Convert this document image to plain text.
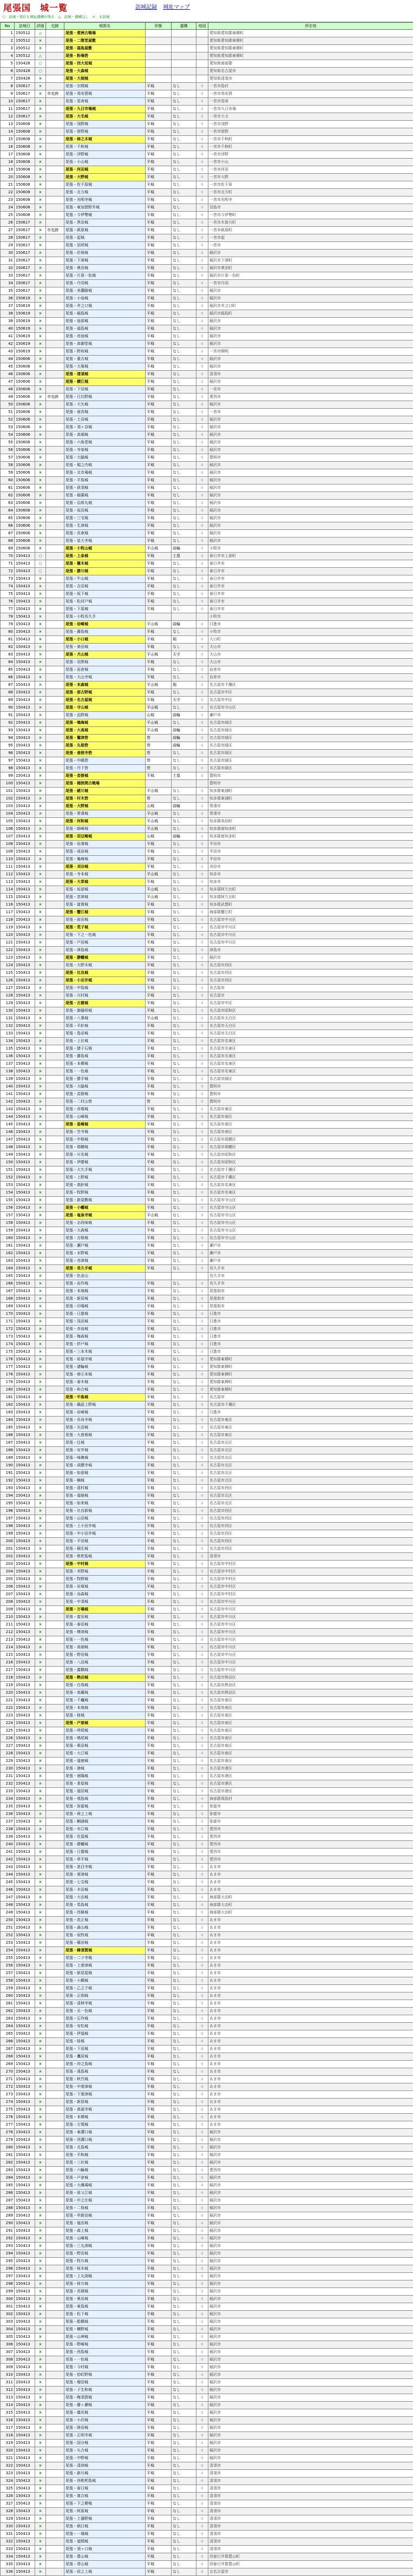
尾張国　城一覧	訪城記録 城址マップ
○：訪城・現在も城址遺構が残る　△：訪城・遺構なし　×：未訪城
No	訪城日	評価	史跡	城郭名	形態	遺構	地図	所在地
1	150512	△		尾張・愛洲古戦場				愛知県愛知郡東郷町
2	150512	×		尾張・二階堂屋敷				愛知県愛知郡東郷町
3	150512	×		尾張・福島屋敷				愛知県愛知郡東郷町
4	150512	△		尾張・粉場砦				愛知県愛知郡東郷町
5	150428	○		尾張・西大垣城				愛知県海部郡
6	150428	○		尾張・大森城				愛知県名古屋市
7	150428	×		尾張・大畑城				愛知県清須市
8	150617	×		尾張・宗間城	平城	なし	☆	一宮市島村
9	150617	×	市史跡	尾張・苅安賀城	平城	なし	☆	一宮市苅安賀
10	150617	×		尾張・馬寄城	平城	なし	☆	一宮市馬寄
11	150617	×		尾張・九日市場城	平城	なし	☆	一宮市九日市場
12	150617	×		尾張・大毛城	平城	なし	☆	一宮市大毛
13	150608	×		尾張・浅野城	平城	なし	☆	一宮市浅野
14	150608	×		尾張・笹野城	平城	なし	☆	一宮市笹野
15	150608	×		尾張・柿之木城	平城	なし	☆	一宮市千秋町
16	150608	×		尾張・千秋城	平城	なし	☆	一宮市千秋町
17	150608	×		尾張・浮野城	平城	なし	☆	一宮市浮野
18	150608	×		尾張・小山城	平城	なし	☆	一宮市小山
19	150608	×		尾張・河田城	平城	なし	☆	一宮市河田
20	150608	×		尾張・大野城	平城	なし	☆	一宮市大野
21	150608	×		尾張・佐千原城	平城	なし	☆	一宮市佐千原
22	150608	×		尾張・北方城	平城	なし	☆	一宮市北方町
23	150608	×		尾張・光明寺城	平城	なし	☆	一宮市光明寺
24	150608	×		尾張・東加賀野井城	平城	なし	☆	羽島市
25	150608	×		尾張・今伊勢城	平城	なし	☆	一宮市今伊勢町
26	150617	×		尾張・黒田城	平城	なし	☆	一宮市木曽川町
27	150617	×	市史跡	尾張・萩原城	平城	なし	☆	一宮市萩原町
28	150617	×		尾張・起城	平城	なし	☆	一宮市起
29	150617	×		尾張・田所城	平城	なし	☆	一宮市
30	150617	×		尾張・於保城	平城	なし	☆	稲沢市
31	150617	×		尾張・下津城	平城	なし	☆	稲沢市下津町
32	150617	×		尾張・奥田城	平城	なし	☆	稲沢市奥田町
33	150617	×		尾張・片原一色城	平城	なし	☆	稲沢市片原一色町
34	150617	×		尾張・丹羽城	平城	なし	☆	一宮市丹羽
35	150617	×		尾張・美濃路城	平城	なし	☆	稲沢市
36	150619	×		尾張・小池城	平城	なし	☆	稲沢市
37	150619	×		尾張・井之口城	平城	なし	☆	稲沢市井之口町
38	150619	×		尾張・稲島城	平城	なし	☆	稲沢市稲島町
39	150619	×		尾張・池部城	平城	なし	☆	稲沢市
40	150619	×		尾張・福島城	平城	なし	☆	稲沢市
41	150619	×		尾張・赤池城	平城	なし	☆	稲沢市
42	150619	×		尾張・高御堂城	平城	なし	☆	稲沢市
43	150619	×		尾張・野府城	平城	なし	☆	一宮市開明
44	150606	×		尾張・重吉城	平城	なし	☆	稲沢市
45	150606	×		尾張・大塚城	平城	なし	☆	稲沢市
46	150606	×		尾張・清須城	平城	なし	☆	清須市
47	150606	×		尾張・横江城	平城	なし	☆	稲沢市
48	150606	×		尾張・下田城	平城	なし	☆	一宮市
49	150606	×	市史跡	尾張・日比野城	平城	なし	☆	愛西市
50	150606	×		尾張・大矢城	平城	なし	☆	稲沢市
51	150606	×		尾張・南宮城	平城	なし	☆	一宮市
52	150606	×		尾張・土田城	平城	なし	☆	稲沢市
53	150606	×		尾張・須ヶ谷城	平城	なし	☆	稲沢市
54	150606	×		尾張・高畑城	平城	なし	☆	稲沢市
55	150606	×		尾張・六角堂城	平城	なし	☆	稲沢市
56	150606	×		尾張・寺部城	平城	なし	☆	稲沢市
57	150606	×		尾張・大脇城	平城	なし	☆	豊明市
58	150606	×		尾張・堀之内城	平城	なし	☆	稲沢市
59	150606	×		尾張・北市場城	平城	なし	☆	稲沢市
60	150606	×		尾張・平島城	平城	なし	☆	稲沢市
61	150606	×		尾張・荻須城	平城	なし	☆	稲沢市
62	150606	×		尾張・稲葉城	平城	なし	☆	稲沢市
63	150606	×		尾張・治郎丸城	平城	なし	☆	稲沢市
64	150606	×		尾張・坂田城	平城	なし	☆	稲沢市
65	150606	×		尾張・三宅城	平城	なし	☆	稲沢市
66	150606	×		尾張・生津城	平城	なし	☆	稲沢市
67	150606	×		尾張・長束城	平城	なし	☆	稲沢市
68	150606	×		尾張・星大寺城	平城	なし	☆	稲沢市
69	150606	×		尾張・小牧山城	平山城	曲輪	☆	小牧市
70	150413	○		尾張・上条城	平城	土塁	☆	春日井市上条町
71	150413	○		尾張・篠木城	平城	なし	☆	春日井市
72	150413	○		尾張・勝川城	平城	なし	☆	春日井市
73	150413	×		尾張・牛山城	平城	なし	☆	春日井市
74	150413	×		尾張・吉田城	平城	なし	☆	春日井市
75	150413	×		尾張・坂下城	平城	なし	☆	春日井市
76	150413	×		尾張・松河戸城	平城	なし	☆	春日井市
77	150413	×		尾張・下原城	平城	なし	☆	春日井市
78	150413	×		尾張・小牧長久手				小牧市
79	150413	×		尾張・岩崎城	平山城	曲輪	☆	日進市
80	150413	×		尾張・藤島城	平城	なし	☆	小牧市
81	150413	×		尾張・小口城	平城	堀	☆	大口町
82	150413	×		尾張・楽田城	平城	なし	☆	犬山市
83	150413	×		尾張・犬山城	平山城	天守	☆	犬山市
84	150413	×		尾張・羽黒城	平城	なし	☆	犬山市
85	150413	×		尾張・岩倉城	平城	なし	☆	岩倉市
86	150413	×		尾張・大山寺城	平城	なし	☆	岩倉市
87	150413	×		尾張・末森城	平山城	堀	☆	名古屋市千種区
88	150413	×		尾張・那古野城	平城	なし	☆	名古屋市中区
89	150413	×		尾張・名古屋城	平城	天守	☆	名古屋市中区
90	150413	×		尾張・守山城	平山城	なし	☆	名古屋市守山区
91	150413	×		尾張・品野城	山城	曲輪	☆	瀬戸市
92	150413	×		尾張・鳴海城	平山城	なし	☆	名古屋市緑区
93	150413	×		尾張・大高城	平山城	曲輪	☆	名古屋市緑区
94	150413	×		尾張・鷲津砦	砦	曲輪	☆	名古屋市緑区
95	150413	×		尾張・丸根砦	砦	曲輪	☆	名古屋市緑区
96	150413	×		尾張・善照寺砦	砦	なし	☆	名古屋市緑区
97	150413	×		尾張・中嶋砦	砦	なし	☆	名古屋市緑区
98	150413	×		尾張・丹下砦	砦	なし	☆	名古屋市緑区
99	150413	×		尾張・沓掛城	平城	土塁	☆	豊明市
100	150413	×		尾張・桶狭間古戦場				豊明市
101	150413	×		尾張・緒川城	平山城	なし	☆	知多郡東浦町
102	150413	×		尾張・村木砦	砦	なし	☆	知多郡東浦町
103	150413	×		尾張・大野城	山城	曲輪	☆	常滑市
104	150413	×		尾張・常滑城	平山城	なし	☆	常滑市
105	150413	×		尾張・河和城	平山城	なし	☆	知多郡美浜町
106	150413	×		尾張・師崎城	平山城	なし	☆	知多郡南知多町
107	150413	×		尾張・羽豆崎城	山城	曲輪	☆	知多郡南知多町
108	150413	×		尾張・岩滑城	平城	なし	☆	半田市
109	150413	×		尾張・成岩城	平城	なし	☆	半田市
110	150413	×		尾張・亀崎城	平城	なし	☆	半田市
111	150413	×		尾張・刈谷城	平城	なし	☆	刈谷市
112	150413	×		尾張・寺本城	平山城	なし	☆	知多市
113	150413	×		尾張・大草城	平城	なし	☆	知多市
114	150413	×		尾張・坂部城	平山城	なし	☆	知多郡阿久比町
115	150413	×		尾張・宮津城	平山城	なし	☆	知多郡阿久比町
116	150413	×		尾張・富貴城	平城	なし	☆	知多郡武豊町
117	150413	×		尾張・蟹江城	平城	なし	☆	海部郡蟹江町
118	150413	×		尾張・前田城	平城	なし	☆	名古屋市中川区
119	150413	×		尾張・荒子城	平城	なし	☆	名古屋市中川区
120	150413	×		尾張・下之一色城	平城	なし	☆	名古屋市中川区
121	150413	×		尾張・戸田城	平城	なし	☆	名古屋市中川区
122	150413	×		尾張・津島城	平城	なし	☆	津島市
123	150413	×		尾張・勝幡城	平城	なし	☆	稲沢市
124	150413	×		尾張・大野木城	平城	なし	☆	名古屋市西区
125	150413	×		尾張・比良城	平城	なし	☆	名古屋市西区
126	150413	×		尾張・小田井城	平城	なし	☆	名古屋市西区
127	150413	×		尾張・中島城	平城	なし	☆	名古屋市
128	150413	×		尾張・川村城	平城	なし	☆	名古屋市
129	150413	×		尾張・古渡城	平城	なし	☆	名古屋市中区
130	150413	×		尾張・御器所城	平城	なし	☆	名古屋市昭和区
131	150413	×		尾張・八事城	平山城	なし	☆	名古屋市天白区
132	150413	×		尾張・平針城	平城	なし	☆	名古屋市天白区
133	150413	×		尾張・島田城	平城	なし	☆	名古屋市天白区
134	150413	×		尾張・上社城	平城	なし	☆	名古屋市名東区
135	150413	×		尾張・猪子石城	平城	なし	☆	名古屋市名東区
136	150413	×		尾張・藤島城	平城	なし	☆	名古屋市名東区
137	150413	×		尾張・本郷城	平城	なし	☆	名古屋市名東区
138	150413	×		尾張・一色城	平城	なし	☆	名古屋市名東区
139	150413	×		尾張・勝手城	平城	なし	☆	名古屋市緑区
140	150413	×		尾張・大脇城	平城	なし	☆	豊明市
141	150413	×		尾張・沓掛城	平城	なし	☆	豊明市
142	150413	×		尾張・二村山砦	砦	なし	☆	豊明市
143	150413	×		尾張・赤塚城	平城	なし	☆	名古屋市東区
144	150413	×		尾張・山崎城	平城	なし	☆	名古屋市南区
145	150413	×		尾張・星崎城	平城	なし	☆	名古屋市南区
146	150413	×		尾張・笠寺城	平城	なし	☆	名古屋市南区
147	150413	×		尾張・中根城	平城	なし	☆	名古屋市瑞穂区
148	150413	×		尾張・瑞穂城	平城	なし	☆	名古屋市瑞穂区
149	150413	×		尾張・川名城	平城	なし	☆	名古屋市昭和区
150	150413	×		尾張・伊勝城	平城	なし	☆	名古屋市昭和区
151	150413	×		尾張・大久手城	平城	なし	☆	名古屋市千種区
152	150413	×		尾張・上野城	平城	なし	☆	名古屋市千種区
153	150413	×		尾張・高針城	平城	なし	☆	名古屋市名東区
154	150413	×		尾張・牧野城	平城	なし	☆	名古屋市名東区
155	150413	×		尾張・新屋敷城	平城	なし	☆	名古屋市守山区
156	150413	×		尾張・小幡城	平城	なし	☆	名古屋市守山区
157	150413	×		尾張・竜泉寺城	平山城	なし	☆	名古屋市守山区
158	150413	×		尾張・志段味城	平城	なし	☆	名古屋市守山区
159	150413	×		尾張・大森城	平城	なし	☆	名古屋市守山区
160	150413	×		尾張・吉根城	平城	なし	☆	名古屋市守山区
161	150413	×		尾張・瀬戸城	平城	なし	☆	瀬戸市
162	150413	×		尾張・水野城	平城	なし	☆	瀬戸市
163	150413	×		尾張・赤津城	平城	なし	☆	瀬戸市
164	150413	×		尾張・長久手城	平城	なし	☆	長久手市
165	150413	×		尾張・色金山				長久手市
166	150413	×		尾張・岩作城	平城	なし	☆	長久手市
167	150413	×		尾張・本地城	平城	なし	☆	尾張旭市
168	150413	×		尾張・新居城	平城	なし	☆	尾張旭市
169	150413	×		尾張・印場城	平城	なし	☆	尾張旭市
170	150413	×		尾張・日進城	平城	なし	☆	日進市
171	150413	×		尾張・浅田城	平城	なし	☆	日進市
172	150413	×		尾張・赤池城	平城	なし	☆	日進市
173	150413	×		尾張・梅森城	平城	なし	☆	日進市
174	150413	×		尾張・折戸城	平城	なし	☆	日進市
175	150413	×		尾張・三本木城	平城	なし	☆	日進市
176	150413	×		尾張・祐福寺城	平城	なし	☆	愛知郡東郷町
177	150413	×		尾張・諸輪城	平城	なし	☆	愛知郡東郷町
178	150413	×		尾張・傍示本城	平城	なし	☆	愛知郡東郷町
179	150413	×		尾張・春木城	平城	なし	☆	愛知郡東郷町
180	150413	×		尾張・和合城	平城	なし	☆	愛知郡東郷町
181	150413	×		尾張・中島城	平城	なし	☆	名古屋市
182	150413	×		尾張・鍋屋上野城	平城	なし	☆	名古屋市千種区
183	150413	×		尾張・岩崎城	平城	なし	☆	日進市
184	150413	×		尾張・長母寺城	平城	なし	☆	名古屋市東区
185	150413	×		尾張・矢田城	平城	なし	☆	名古屋市東区
186	150413	×		尾張・大曽根城	平城	なし	☆	名古屋市東区
187	150413	×		尾張・辻城	平城	なし	☆	名古屋市北区
188	150413	×		尾張・安井城	平城	なし	☆	名古屋市北区
189	150413	×		尾張・味鋺城	平城	なし	☆	名古屋市北区
190	150413	×		尾張・成願寺城	平城	なし	☆	名古屋市北区
191	150413	×		尾張・如意城	平城	なし	☆	名古屋市北区
192	150413	×		尾張・楠城	平城	なし	☆	名古屋市北区
193	150413	×		尾張・喜村城	平城	なし	☆	名古屋市西区
194	150413	×		尾張・福徳城	平城	なし	☆	名古屋市北区
195	150413	×		尾張・如来城	平城	なし	☆	名古屋市北区
196	150413	×		尾張・比良新城	平城	なし	☆	名古屋市西区
197	150413	×		尾張・山田城	平城	なし	☆	名古屋市西区
198	150413	×		尾張・上小田井城	平城	なし	☆	名古屋市西区
199	150413	×		尾張・中小田井城	平城	なし	☆	名古屋市西区
200	150413	×		尾張・平田城	平城	なし	☆	名古屋市西区
201	150413	×		尾張・稲生城	平城	なし	☆	名古屋市西区
202	150413	×		尾張・枇杷島城	平城	なし	☆	清須市
203	150413	×		尾張・中村城	平城	なし	☆	名古屋市中村区
204	150413	×		尾張・米野城	平城	なし	☆	名古屋市中村区
205	150413	×		尾張・牧野城	平城	なし	☆	名古屋市中村区
206	150413	×		尾張・岩塚城	平城	なし	☆	名古屋市中村区
207	150413	×		尾張・烏森城	平城	なし	☆	名古屋市中村区
208	150413	×		尾張・中須城	平城	なし	☆	名古屋市中川区
209	150413	×		尾張・万場城	平城	なし	☆	名古屋市中川区
210	150413	×		尾張・富田城	平城	なし	☆	名古屋市中川区
211	150413	×		尾張・春田城	平城	なし	☆	名古屋市中川区
212	150413	×		尾張・榎津城	平城	なし	☆	名古屋市中川区
213	150413	×		尾張・一色城	平城	なし	☆	名古屋市中川区
214	150413	×		尾張・高畑城	平城	なし	☆	名古屋市中川区
215	150413	×		尾張・野田城	平城	なし	☆	名古屋市中川区
216	150413	×		尾張・八田城	平城	なし	☆	名古屋市中川区
217	150413	×		尾張・露橋城	平城	なし	☆	名古屋市中川区
218	150413	×		尾張・熱田城	平城	なし	☆	名古屋市熱田区
219	150413	×		尾張・白鳥城	平城	なし	☆	名古屋市熱田区
220	150413	×		尾張・高蔵城	平城	なし	☆	名古屋市熱田区
221	150413	×		尾張・千竈城	平城	なし	☆	名古屋市南区
222	150413	×		尾張・本地城	平城	なし	☆	名古屋市南区
223	150413	×		尾張・桜城	平城	なし	☆	名古屋市南区
224	150413	×		尾張・戸部城	平城	なし	☆	名古屋市南区
225	150413	×		尾張・呼続城	平城	なし	☆	名古屋市南区
226	150413	×		尾張・鳴尾城	平城	なし	☆	名古屋市南区
227	150413	×		尾張・柴田城	平城	なし	☆	名古屋市南区
228	150413	×		尾張・大江城	平城	なし	☆	名古屋市南区
229	150413	×		尾張・道徳城	平城	なし	☆	名古屋市南区
230	150413	×		尾張・港城	平城	なし	☆	名古屋市港区
231	150413	×		尾張・南陽城	平城	なし	☆	名古屋市港区
232	150413	×		尾張・茶屋城	平城	なし	☆	名古屋市港区
233	150413	×		尾張・福田城	平城	なし	☆	名古屋市港区
234	150413	×		尾張・飛島城	平城	なし	☆	海部郡飛島村
235	150413	×		尾張・弥富城	平城	なし	☆	弥富市
236	150413	×		尾張・荷之上城	平城	なし	☆	弥富市
237	150413	×		尾張・鯏浦城	平城	なし	☆	弥富市
238	150413	×		尾張・市江城	平城	なし	☆	愛西市
239	150413	×		尾張・佐屋城	平城	なし	☆	愛西市
240	150413	×		尾張・勝幡城	平城	なし	☆	愛西市
241	150413	×		尾張・日置城	平城	なし	☆	愛西市
242	150413	×		尾張・草平城	平城	なし	☆	愛西市
243	150413	×		尾張・甚目寺城	平城	なし	☆	あま市
244	150413	×		尾張・萱津城	平城	なし	☆	あま市
245	150413	×		尾張・七宝城	平城	なし	☆	あま市
246	150413	×		尾張・木田城	平城	なし	☆	あま市
247	150413	×		尾張・大治城	平城	なし	☆	海部郡大治町
248	150413	×		尾張・馬島城	平城	なし	☆	海部郡大治町
249	150413	×		尾張・西條城	平城	なし	☆	海部郡大治町
250	150413	×		尾張・花正城	平城	なし	☆	あま市
251	150413	×		尾張・森山城	平城	なし	☆	あま市
252	150413	×		尾張・坂牧城	平城	なし	☆	あま市
253	150413	×		尾張・篠田城	平城	なし	☆	あま市
254	150413	×		尾張・蜂須賀城	平城	なし	☆	あま市
255	150413	×		尾張・二ツ寺城	平城	なし	☆	あま市
256	150413	×		尾張・上萱津城	平城	なし	☆	あま市
257	150413	×		尾張・新居屋城	平城	なし	☆	あま市
258	150413	×		尾張・小橋城	平城	なし	☆	あま市
259	150413	×		尾張・乙之子城	平城	なし	☆	あま市
260	150413	×		尾張・正則城	平城	なし	☆	あま市
261	150413	×		尾張・清林寺城	平城	なし	☆	あま市
262	150413	×		尾張・北一色城	平城	なし	☆	あま市
263	150413	×		尾張・石作城	平城	なし	☆	あま市
264	150413	×		尾張・安松城	平城	なし	☆	あま市
265	150413	×		尾張・伊福城	平城	なし	☆	あま市
266	150413	×		尾張・桂城	平城	なし	☆	あま市
267	150413	×		尾張・下田城	平城	なし	☆	あま市
268	150413	×		尾張・鷹居城	平城	なし	☆	あま市
269	150413	×		尾張・沖之島城	平城	なし	☆	あま市
270	150413	×		尾張・遠島城	平城	なし	☆	あま市
271	150413	×		尾張・秋竹城	平城	なし	☆	あま市
272	150413	×		尾張・中萱津城	平城	なし	☆	あま市
273	150413	×		尾張・下萱津城	平城	なし	☆	あま市
274	150413	×		尾張・新居城	平城	なし	☆	あま市
275	150413	×		尾張・真福寺城	平城	なし	☆	あま市
276	150413	×		尾張・本郷城	平城	なし	☆	あま市
277	150413	×		尾張・方領城	平城	なし	☆	あま市
278	150413	×		尾張・東溝口城	平城	なし	☆	稲沢市
279	150413	×		尾張・西溝口城	平城	なし	☆	稲沢市
280	150413	×		尾張・北島城	平城	なし	☆	稲沢市
281	150413	×		尾張・平和城	平城	なし	☆	稲沢市
282	150413	×		尾張・三社城	平城	なし	☆	稲沢市
283	150413	×		尾張・六輪城	平城	なし	☆	愛西市
284	150413	×		尾張・戸倉城	平城	なし	☆	稲沢市
285	150413	×		尾張・大縄場城	平城	なし	☆	稲沢市
286	150413	×		尾張・祖父江城	平城	なし	☆	稲沢市
287	150413	×		尾張・中之庄城	平城	なし	☆	稲沢市
288	150413	×		尾張・二俣城	平城	なし	☆	稲沢市
289	150413	×		尾張・甲新田城	平城	なし	☆	稲沢市
290	150413	×		尾張・塩田城	平城	なし	☆	稲沢市
291	150413	×		尾張・森上城	平城	なし	☆	稲沢市
292	150413	×		尾張・山崎城	平城	なし	☆	稲沢市
293	150413	×		尾張・三丸渕城	平城	なし	☆	稲沢市
294	150413	×		尾張・野田城	平城	なし	☆	稲沢市
295	150413	×		尾張・牧川城	平城	なし	☆	稲沢市
296	150413	×		尾張・桜木城	平城	なし	☆	稲沢市
297	150413	×		尾張・上丸渕城	平城	なし	☆	稲沢市
298	150413	×		尾張・桜方城	平城	なし	☆	稲沢市
299	150413	×		尾張・長岡城	平城	なし	☆	稲沢市
300	150413	×		尾張・奥田城	平城	なし	☆	稲沢市
301	150413	×		尾張・東島城	平城	なし	☆	稲沢市
302	150413	×		尾張・松下城	平城	なし	☆	稲沢市
303	150413	×		尾張・船橋城	平城	なし	☆	稲沢市
304	150413	×		尾張・横野城	平城	なし	☆	稲沢市
305	150413	×		尾張・山神城	平城	なし	☆	稲沢市
306	150413	×		尾張・野崎城	平城	なし	☆	稲沢市
307	150413	×		尾張・西島城	平城	なし	☆	稲沢市
308	150413	×		尾張・一色城	平城	なし	☆	稲沢市
309	150413	×		尾張・今村城	平城	なし	☆	稲沢市
310	150413	×		尾張・拾町野城	平城	なし	☆	稲沢市
311	150413	×		尾張・増田城	平城	なし	☆	稲沢市
312	150413	×		尾張・子生和城	平城	なし	☆	稲沢市
313	150413	×		尾張・梅須賀城	平城	なし	☆	稲沢市
314	150413	×		尾張・藤ヶ瀬城	平城	なし	☆	稲沢市
315	150413	×		尾張・儀長城	平城	なし	☆	稲沢市
316	150413	×		尾張・小沢城	平城	なし	☆	稲沢市
317	150413	×		尾張・陸田城	平城	なし	☆	稲沢市
318	150413	×		尾張・正明寺城	平城	なし	☆	稲沢市
319	150413	×		尾張・国分城	平城	なし	☆	稲沢市
320	150413	×		尾張・矢合城	平城	なし	☆	稲沢市
321	150413	×		尾張・中野城	平城	なし	☆	稲沢市
322	150413	×		尾張・清洲城	平城	なし	☆	清須市
323	150413	×		尾張・新川城	平城	なし	☆	清須市
324	150413	×		尾張・西枇杷島城	平城	なし	☆	清須市
325	150413	×		尾張・春日城	平城	なし	☆	清須市
326	150413	×		尾張・落合城	平城	なし	☆	清須市
327	150413	×		尾張・下之郷城	平城	なし	☆	清須市
328	150413	×		尾張・阿原城	平城	なし	☆	清須市
329	150413	×		尾張・土器野城	平城	なし	☆	清須市
330	150413	×		尾張・朝日城	平城	なし	☆	清須市
331	150413	×		尾張・一場城	平城	なし	☆	清須市
332	150413	×		尾張・廻間城	平城	なし	☆	清須市
333	150413	×		尾張・須ヶ口城	平城	なし	☆	清須市
334	150413	×		尾張・豊山城	平城	なし	☆	西春日井郡豊山町
335	150413	×		尾張・青山城	平城	なし	☆	西春日井郡豊山町
336	150413	×		尾張・段之上城	平城	なし	☆	北名古屋市
